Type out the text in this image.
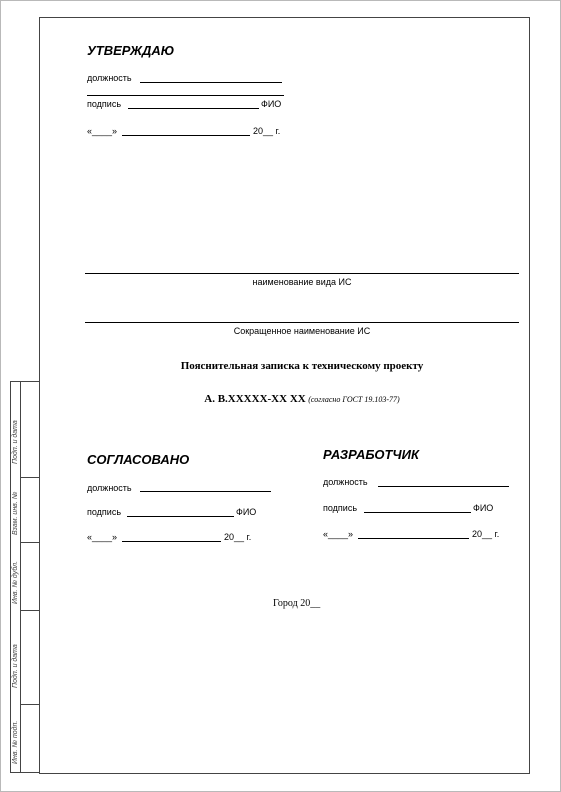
Подп. и дата
Взам. инв. №
Инв. № дубл.
Подп. и дата
Инв. № подп.
УТВЕРЖДАЮ
должность
подпись	ФИО
«____»	20__ г.
наименование вида ИС
Сокращенное наименование ИС
Пояснительная записка к техническому проекту
А. В.XXXXX-XX XX (согласно ГОСТ 19.103-77)
СОГЛАСОВАНО
должность
подпись	ФИО
«____»	20__ г.
РАЗРАБОТЧИК
должность
подпись	ФИО
«____»	20__ г.
Город 20__
